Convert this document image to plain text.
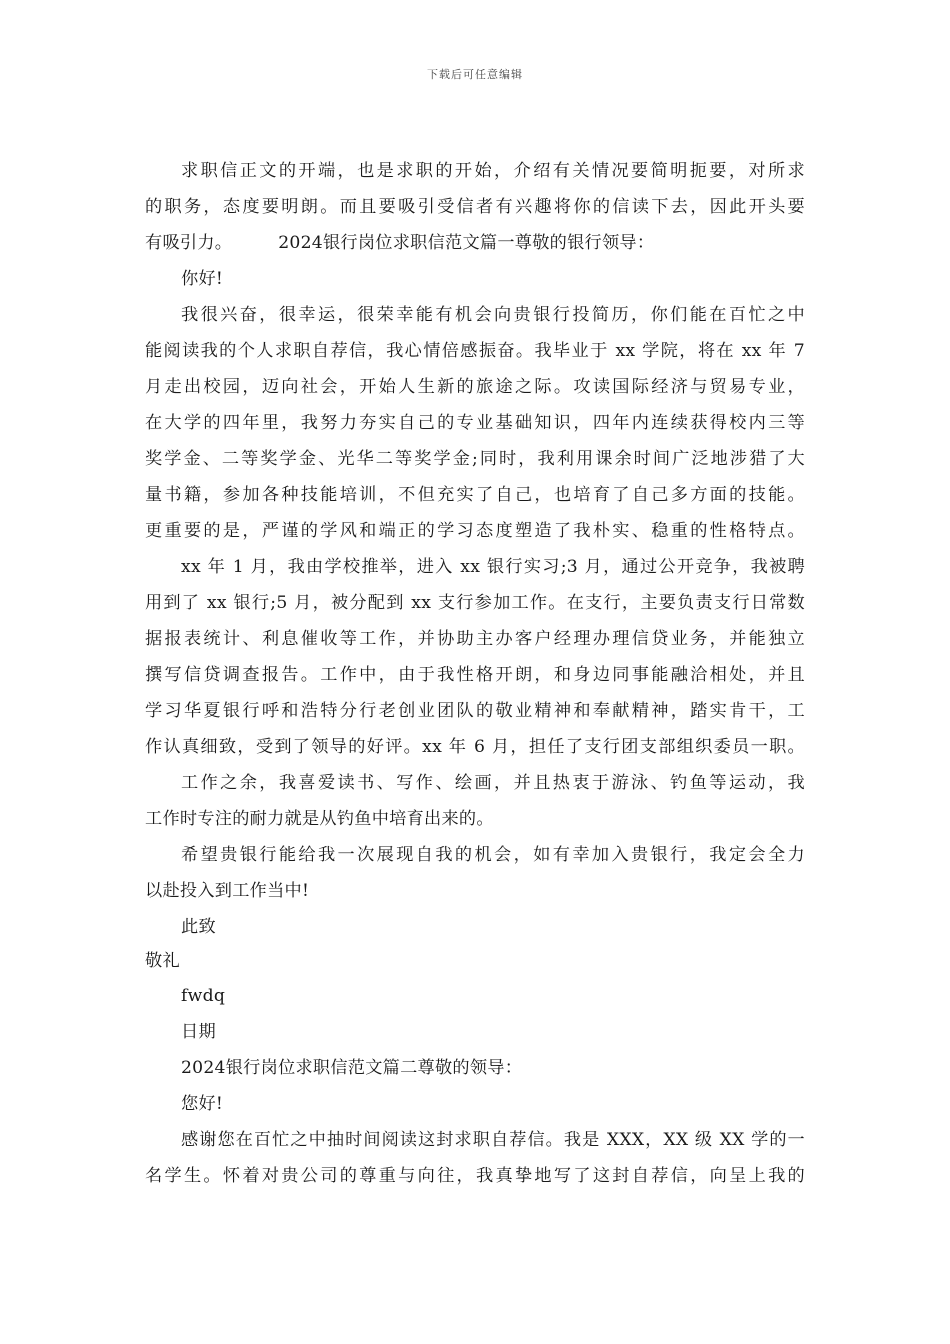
下载后可任意编辑
求职信正文的开端，也是求职的开始，介绍有关情况要简明扼要，对所求
的职务，态度要明朗。而且要吸引受信者有兴趣将你的信读下去，因此开头要
有吸引力。	2024银行岗位求职信范文篇一尊敬的银行领导：
你好!
我很兴奋，很幸运，很荣幸能有机会向贵银行投简历，你们能在百忙之中
能阅读我的个人求职自荐信，我心情倍感振奋。我毕业于 xx 学院，将在 xx 年 7
月走出校园，迈向社会，开始人生新的旅途之际。攻读国际经济与贸易专业，
在大学的四年里，我努力夯实自己的专业基础知识，四年内连续获得校内三等
奖学金、二等奖学金、光华二等奖学金;同时，我利用课余时间广泛地涉猎了大
量书籍，参加各种技能培训，不但充实了自己，也培育了自己多方面的技能。
更重要的是，严谨的学风和端正的学习态度塑造了我朴实、稳重的性格特点。
xx 年 1 月，我由学校推举，进入 xx 银行实习;3 月，通过公开竞争，我被聘
用到了 xx 银行;5 月，被分配到 xx 支行参加工作。在支行，主要负责支行日常数
据报表统计、利息催收等工作，并协助主办客户经理办理信贷业务，并能独立
撰写信贷调查报告。工作中，由于我性格开朗，和身边同事能融洽相处，并且
学习华夏银行呼和浩特分行老创业团队的敬业精神和奉献精神，踏实肯干，工
作认真细致，受到了领导的好评。xx 年 6 月，担任了支行团支部组织委员一职。
工作之余，我喜爱读书、写作、绘画，并且热衷于游泳、钓鱼等运动，我
工作时专注的耐力就是从钓鱼中培育出来的。
希望贵银行能给我一次展现自我的机会，如有幸加入贵银行，我定会全力
以赴投入到工作当中!
此致
敬礼
fwdq
日期
2024银行岗位求职信范文篇二尊敬的领导：
您好!
感谢您在百忙之中抽时间阅读这封求职自荐信。我是 XXX，XX 级 XX 学的一
名学生。怀着对贵公司的尊重与向往，我真挚地写了这封自荐信，向呈上我的
